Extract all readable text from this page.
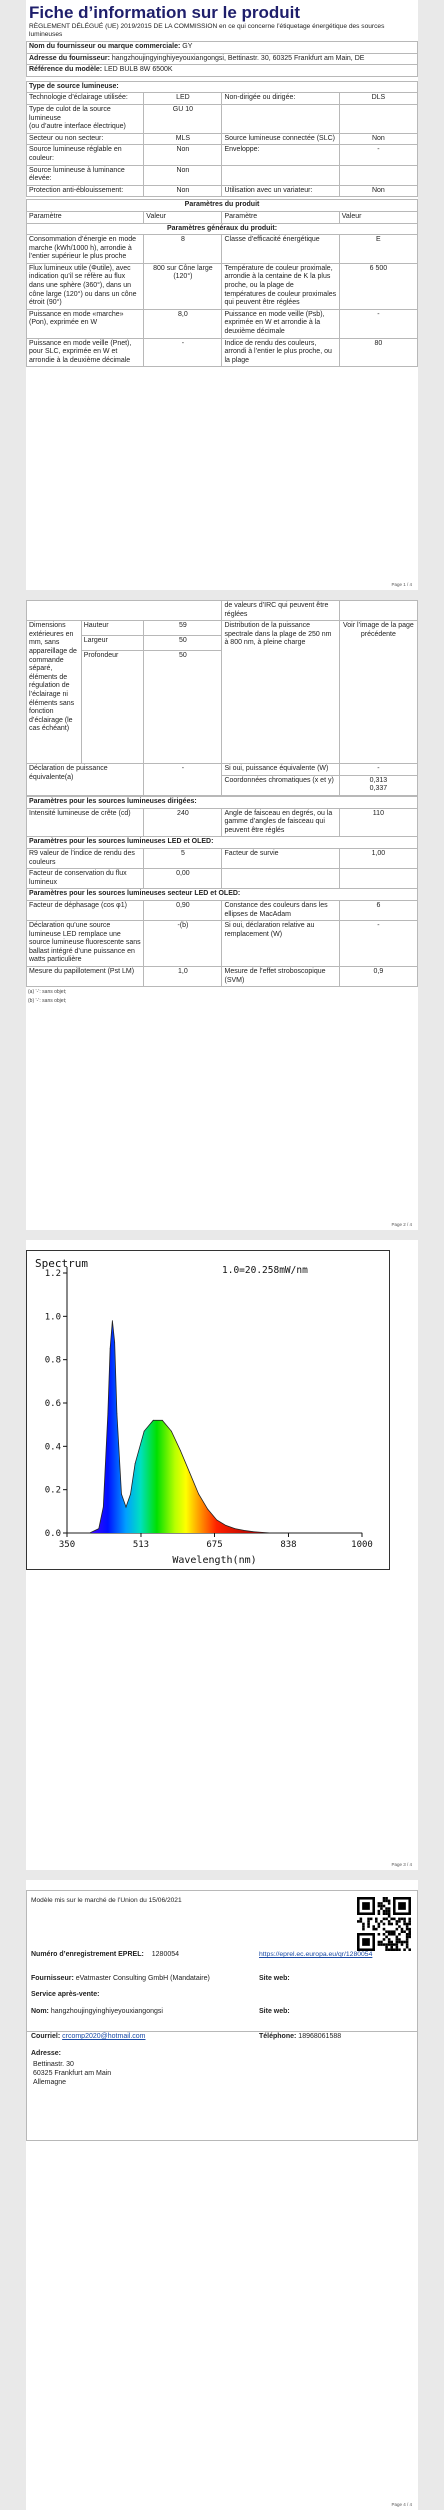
Fiche d’information sur le produit
RÈGLEMENT DÉLÉGUÉ (UE) 2019/2015 DE LA COMMISSION en ce qui concerne l’étiquetage énergétique des sources lumineuses
Nom du fournisseur ou marque commerciale: GY
Adresse du fournisseur: hangzhoujingyinghiyeyouxiangongsi, Bettinastr. 30, 60325 Frankfurt am Main, DE
Référence du modèle: LED BULB 8W 6500K
Type de source lumineuse:			
Technologie d’éclairage utilisée:	LED	Non-dirigée ou dirigée:	DLS
Type de culot de la source lumineuse
(ou d’autre interface électrique)	GU 10		
Secteur ou non secteur:	MLS	Source lumineuse connectée (SLC)	Non
Source lumineuse réglable en couleur:	Non	Enveloppe:	-
Source lumineuse à luminance élevée:	Non		
Protection anti-éblouissement:	Non	Utilisation avec un variateur:	Non
Paramètres du produit			
Paramètre	Valeur	Paramètre	Valeur
Paramètres généraux du produit:			
Consommation d’énergie en mode marche (kWh/1000 h), arrondie à l’entier supérieur le plus proche	8	Classe d’efficacité énergétique	E
Flux lumineux utile (Φutile), avec indication qu’il se réfère au flux dans une sphère (360°), dans un cône large (120°) ou dans un cône étroit (90°)	800 sur Cône large (120°)	Température de couleur proximale, arrondie à la centaine de K la plus proche, ou la plage de températures de couleur proximales qui peuvent être réglées	6 500
Puissance en mode «marche» (Pon), exprimée en W	8,0	Puissance en mode veille (Psb), exprimée en W et arrondie à la deuxième décimale	-
Puissance en mode veille (Pnet), pour SLC, exprimée en W et arrondie à la deuxième décimale	-	Indice de rendu des couleurs, arrondi à l’entier le plus proche, ou la plage	80
Page 1 / 4
			de valeurs d’IRC qui peuvent être réglées	
Dimensions extérieures en mm, sans appareillage de commande séparé, éléments de régulation de l’éclairage ni éléments sans fonction d’éclairage (le cas échéant)	Hauteur	59	Distribution de la puissance spectrale dans la plage de 250 nm à 800 nm, à pleine charge	Voir l’image de la page précédente
	Largeur	50		
	Profondeur	50		
Déclaration de puissance équivalente(a)		-	Si oui, puissance équivalente (W)	-
			Coordonnées chromatiques (x et y)	0,313
0,337
Paramètres pour les sources lumineuses dirigées:			
Intensité lumineuse de crête (cd)	240	Angle de faisceau en degrés, ou la gamme d’angles de faisceau qui peuvent être réglés	110
Paramètres pour les sources lumineuses LED et OLED:			
R9 valeur de l’indice de rendu des couleurs	5	Facteur de survie	1,00
Facteur de conservation du flux lumineux	0,00		
Paramètres pour les sources lumineuses secteur LED et OLED:			
Facteur de déphasage (cos φ1)	0,90	Constance des couleurs dans les ellipses de MacAdam	6
Déclaration qu’une source lumineuse LED remplace une source lumineuse fluorescente sans ballast intégré d’une puissance en watts particulière	-(b)	Si oui, déclaration relative au remplacement (W)	-
Mesure du papillotement (Pst LM)	1,0	Mesure de l’effet stroboscopique (SVM)	0,9
(a) ‘-’: sans objet;
(b) ‘-’: sans objet;
Page 2 / 4
0.0
0.2
0.4
0.6
0.8
1.0
1.2
350	513	675	838	1000
Spectrum
1.0=20.258mW/nm
Wavelength(nm)
Page 3 / 4
Modèle mis sur le marché de l’Union du 15/06/2021
Numéro d’enregistrement EPREL: 1280054	https://eprel.ec.europa.eu/qr/1280054
Fournisseur: eVatmaster Consulting GmbH (Mandataire)	Site web:
Service après-vente:
Nom: hangzhoujingyinghiyeyouxiangongsi	Site web:
Courriel: crcomp2020@hotmail.com	Téléphone: 18968061588
Adresse:
Bettinastr. 30
60325 Frankfurt am Main
Allemagne
Page 4 / 4
